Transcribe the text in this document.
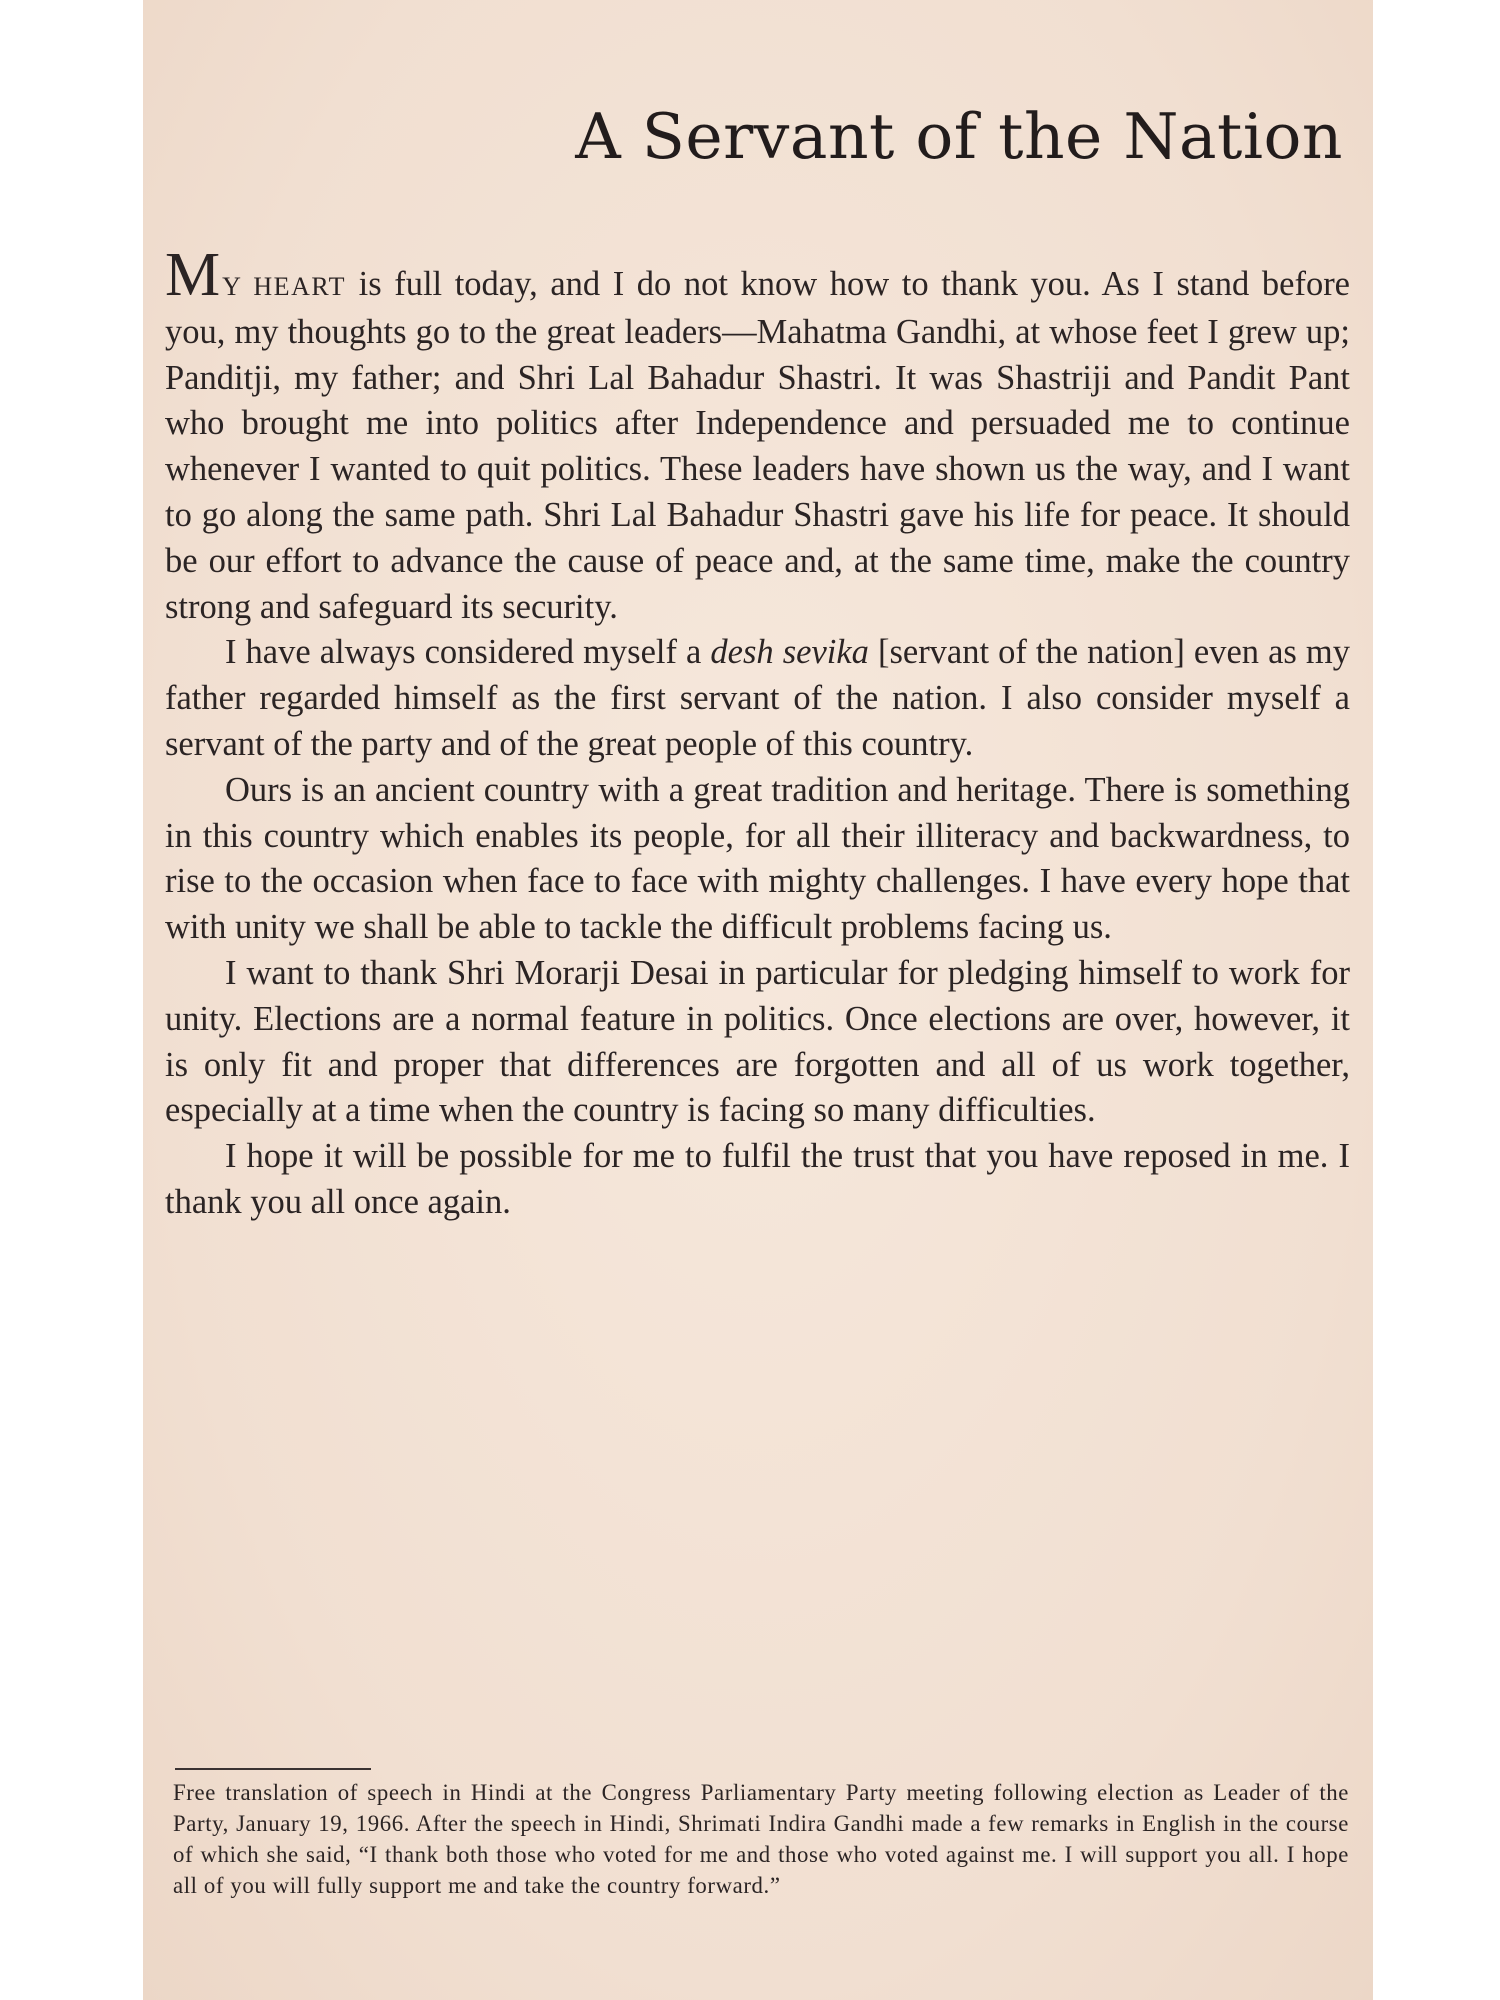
A Servant of the Nation

MY HEART is full today, and I do not know how to thank you. As I stand before you, my thoughts go to the great leaders—Mahatma Gandhi, at whose feet I grew up; Panditji, my father; and Shri Lal Bahadur Shastri. It was Shastriji and Pandit Pant who brought me into politics after Independence and persuaded me to continue whenever I wanted to quit politics. These leaders have shown us the way, and I want to go along the same path. Shri Lal Bahadur Shastri gave his life for peace. It should be our effort to advance the cause of peace and, at the same time, make the country strong and safeguard its security.

I have always considered myself a desh sevika [servant of the nation] even as my father regarded himself as the first servant of the nation. I also consider myself a servant of the party and of the great people of this country.

Ours is an ancient country with a great tradition and heritage. There is something in this country which enables its people, for all their illiteracy and backwardness, to rise to the occasion when face to face with mighty challenges. I have every hope that with unity we shall be able to tackle the difficult problems facing us.

I want to thank Shri Morarji Desai in particular for pledging himself to work for unity. Elections are a normal feature in politics. Once elections are over, however, it is only fit and proper that differences are forgotten and all of us work together, especially at a time when the country is facing so many difficulties.

I hope it will be possible for me to fulfil the trust that you have reposed in me. I thank you all once again.

Free translation of speech in Hindi at the Congress Parliamentary Party meeting following election as Leader of the Party, January 19, 1966. After the speech in Hindi, Shrimati Indira Gandhi made a few remarks in English in the course of which she said, “I thank both those who voted for me and those who voted against me. I will support you all. I hope all of you will fully support me and take the country forward.”
